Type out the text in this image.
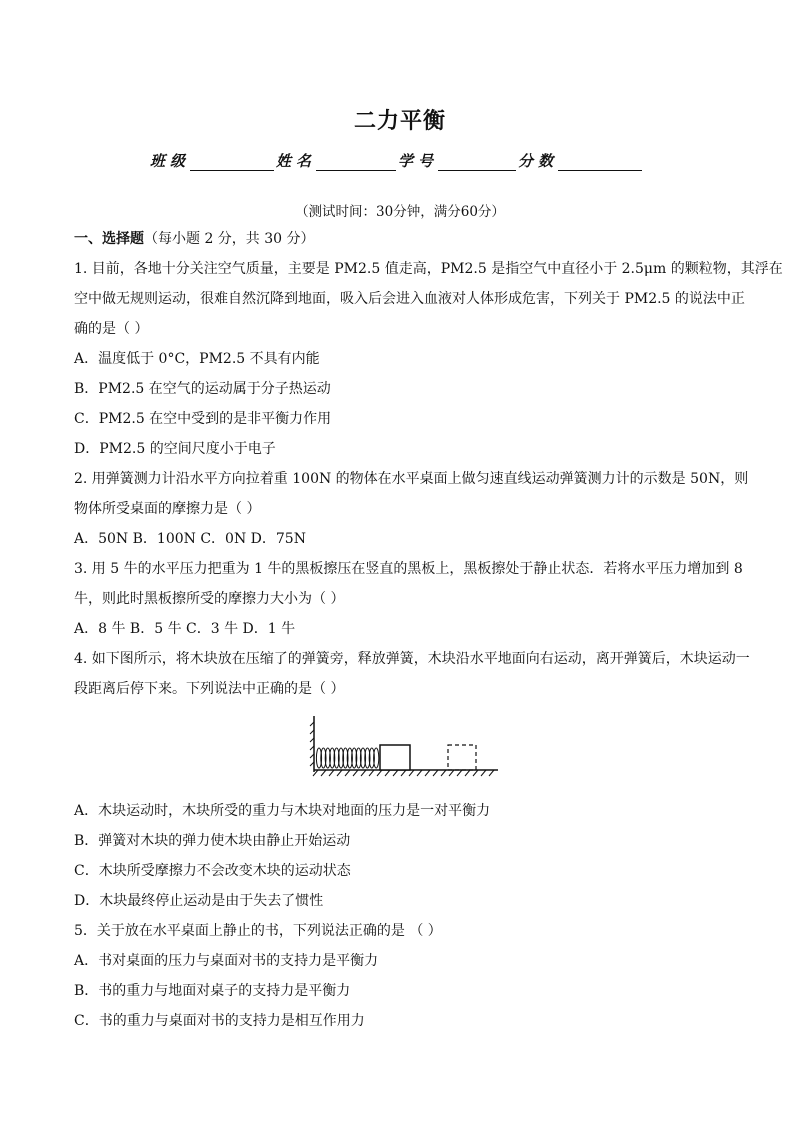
二力平衡
班级	姓名	学号	分数
（测试时间：30分钟，满分60分）
一、选择题（每小题 2 分，共 30 分）
1. 目前，各地十分关注空气质量，主要是 PM2.5 值走高，PM2.5 是指空气中直径小于 2.5μm 的颗粒物，其浮在
空中做无规则运动，很难自然沉降到地面，吸入后会进入血液对人体形成危害，下列关于 PM2.5 的说法中正
确的是（ ）
A．温度低于 0°C，PM2.5 不具有内能
B．PM2.5 在空气的运动属于分子热运动
C．PM2.5 在空中受到的是非平衡力作用
D．PM2.5 的空间尺度小于电子
2. 用弹簧测力计沿水平方向拉着重 100N 的物体在水平桌面上做匀速直线运动弹簧测力计的示数是 50N，则
物体所受桌面的摩擦力是（ ）
A．50N B．100N C．0N D．75N
3. 用 5 牛的水平压力把重为 1 牛的黑板擦压在竖直的黑板上，黑板擦处于静止状态．若将水平压力增加到 8
牛，则此时黑板擦所受的摩擦力大小为（ ）
A．8 牛 B．5 牛 C．3 牛 D．1 牛
4. 如下图所示，将木块放在压缩了的弹簧旁，释放弹簧，木块沿水平地面向右运动，离开弹簧后，木块运动一
段距离后停下来。下列说法中正确的是（ ）
A．木块运动时，木块所受的重力与木块对地面的压力是一对平衡力
B．弹簧对木块的弹力使木块由静止开始运动
C．木块所受摩擦力不会改变木块的运动状态
D．木块最终停止运动是由于失去了惯性
5．关于放在水平桌面上静止的书，下列说法正确的是 （ ）
A．书对桌面的压力与桌面对书的支持力是平衡力
B．书的重力与地面对桌子的支持力是平衡力
C．书的重力与桌面对书的支持力是相互作用力
